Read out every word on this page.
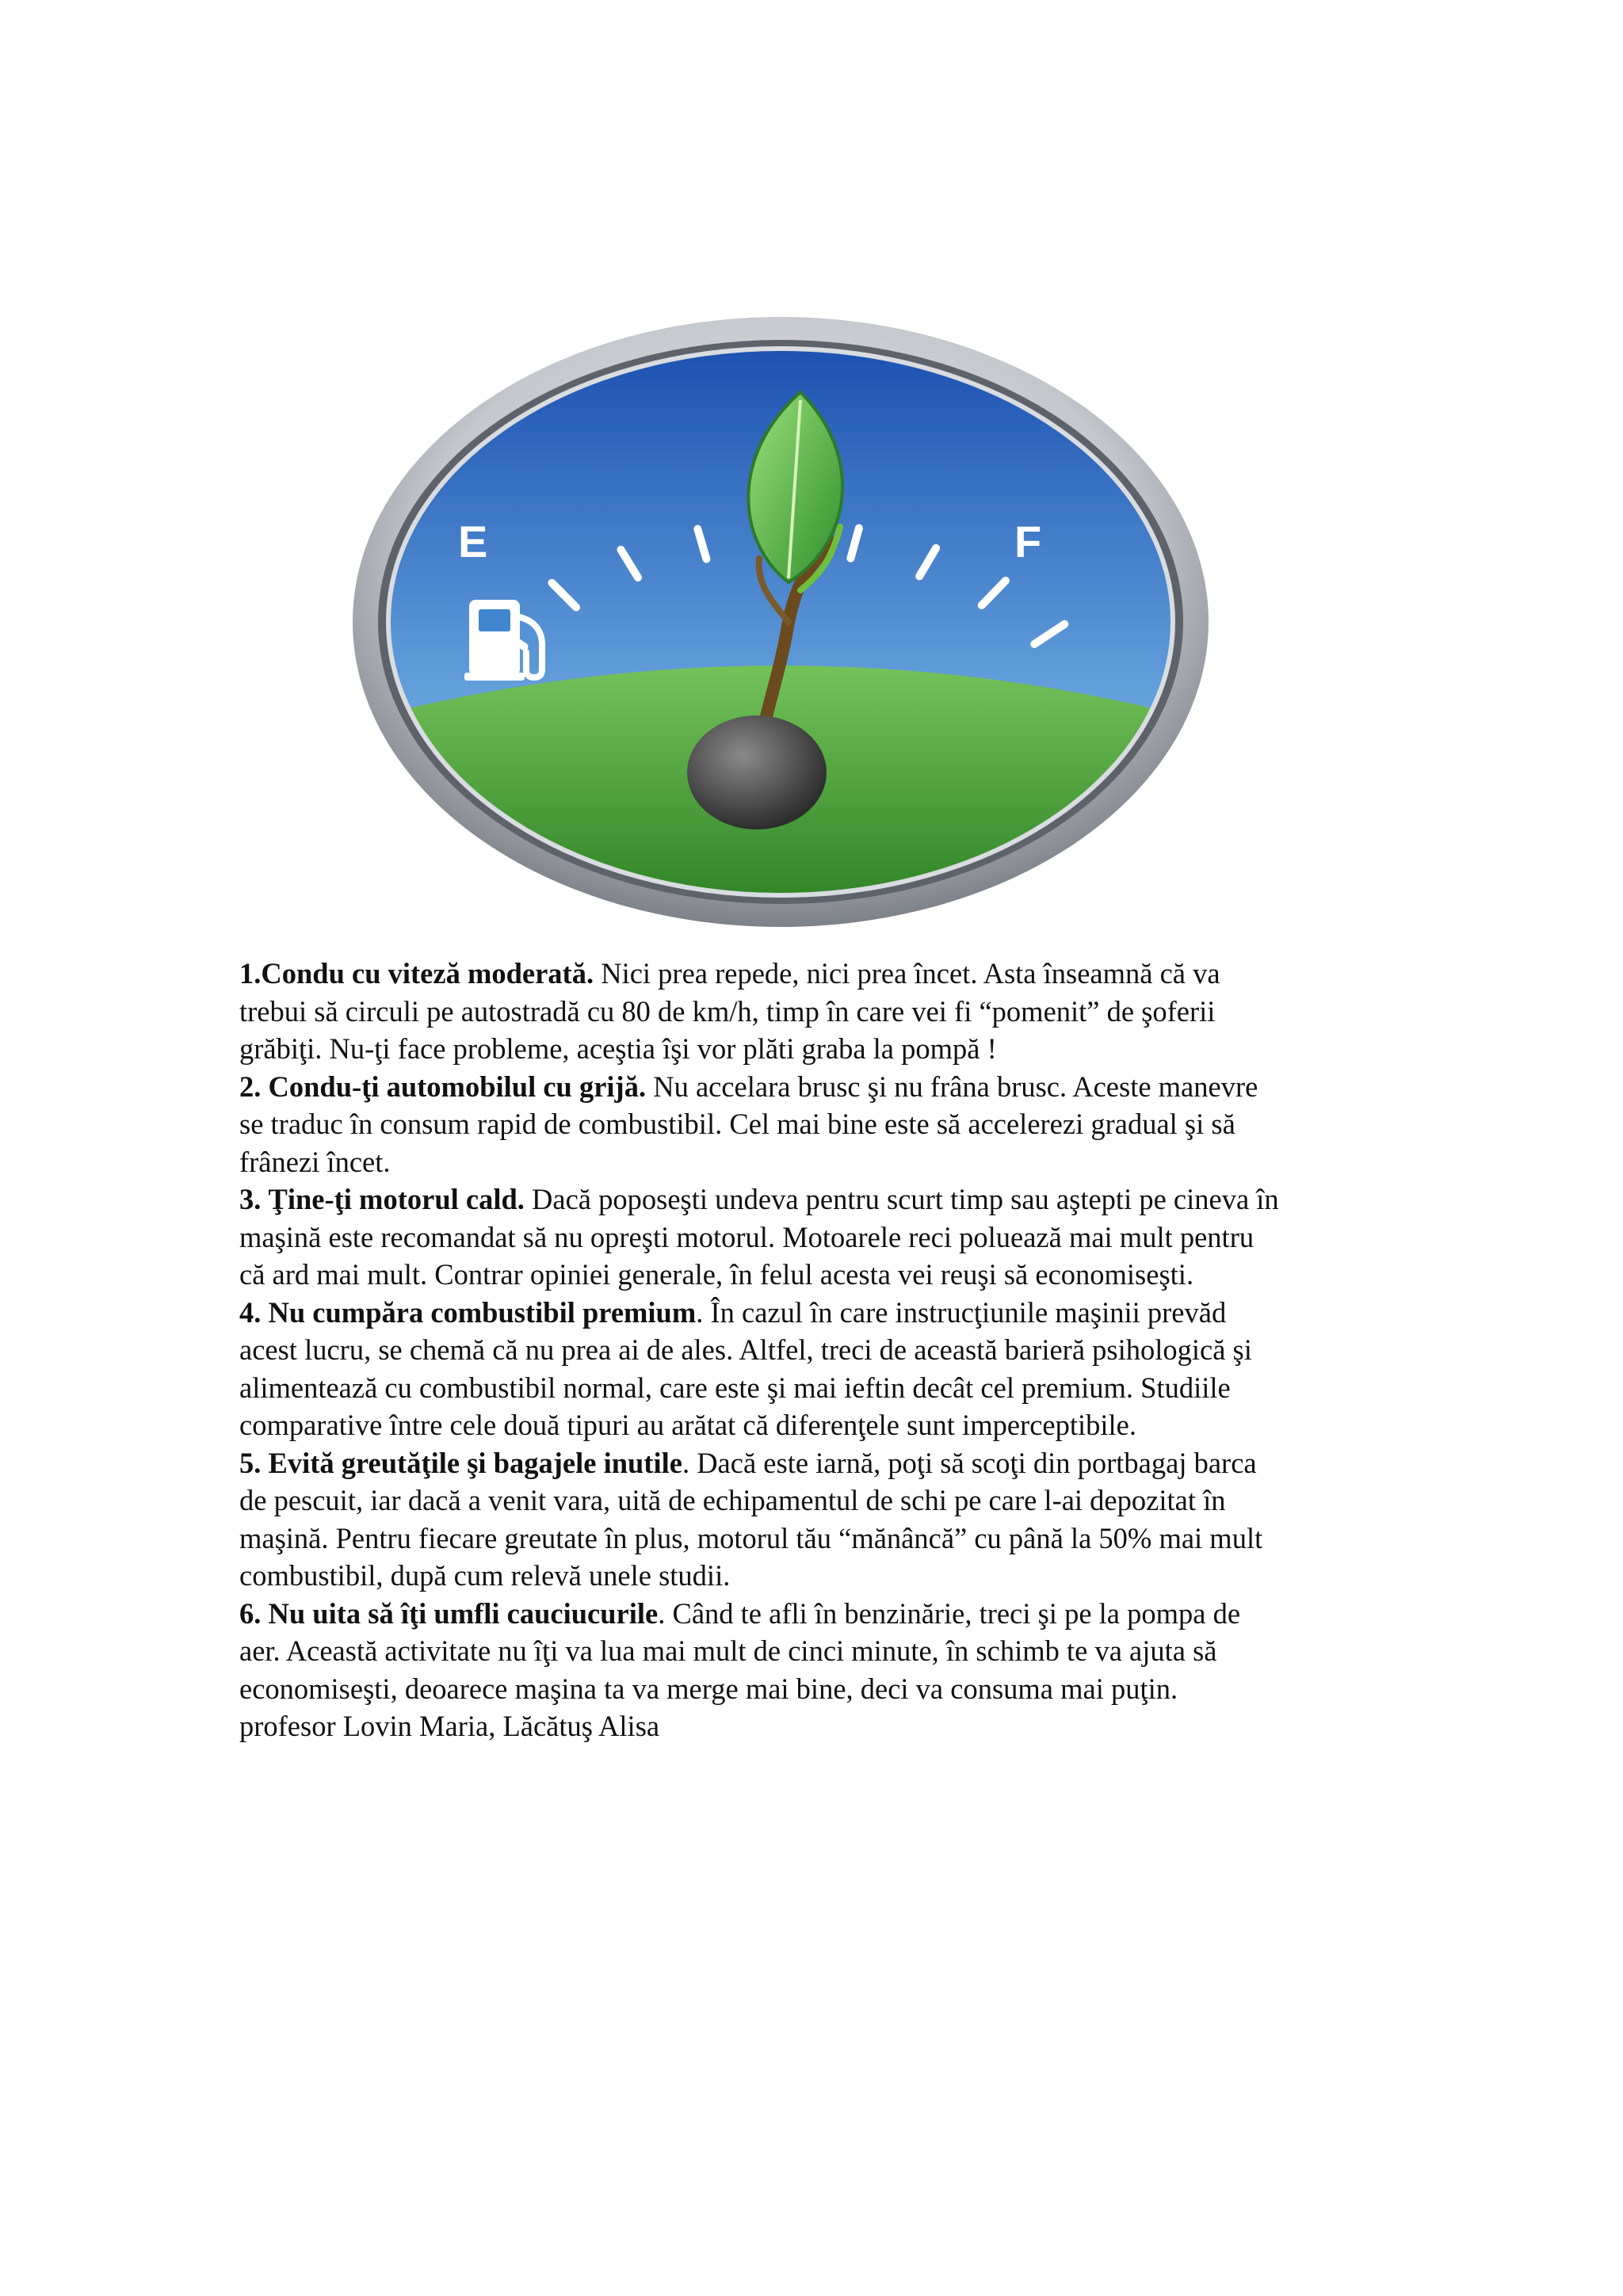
E	F

1.Condu cu viteză moderată. Nici prea repede, nici prea încet. Asta înseamnă că va

trebui să circuli pe autostradă cu 80 de km/h, timp în care vei fi “pomenit” de şoferii

grăbiţi. Nu-ţi face probleme, aceştia îşi vor plăti graba la pompă !

2. Condu-ţi automobilul cu grijă. Nu accelara brusc şi nu frâna brusc. Aceste manevre

se traduc în consum rapid de combustibil. Cel mai bine este să accelerezi gradual şi să

frânezi încet.

3. Ţine-ţi motorul cald. Dacă poposeşti undeva pentru scurt timp sau aştepti pe cineva în

maşină este recomandat să nu opreşti motorul. Motoarele reci poluează mai mult pentru

că ard mai mult. Contrar opiniei generale, în felul acesta vei reuşi să economiseşti.

4. Nu cumpăra combustibil premium. În cazul în care instrucţiunile maşinii prevăd

acest lucru, se chemă că nu prea ai de ales. Altfel, treci de această barieră psihologică şi

alimentează cu combustibil normal, care este şi mai ieftin decât cel premium. Studiile

comparative între cele două tipuri au arătat că diferenţele sunt imperceptibile.

5. Evită greutăţile şi bagajele inutile. Dacă este iarnă, poţi să scoţi din portbagaj barca

de pescuit, iar dacă a venit vara, uită de echipamentul de schi pe care l-ai depozitat în

maşină. Pentru fiecare greutate în plus, motorul tău “mănâncă” cu până la 50% mai mult

combustibil, după cum relevă unele studii.

6. Nu uita să îţi umfli cauciucurile. Când te afli în benzinărie, treci şi pe la pompa de

aer. Această activitate nu îţi va lua mai mult de cinci minute, în schimb te va ajuta să

economiseşti, deoarece maşina ta va merge mai bine, deci va consuma mai puţin.

profesor Lovin Maria, Lăcătuş Alisa
